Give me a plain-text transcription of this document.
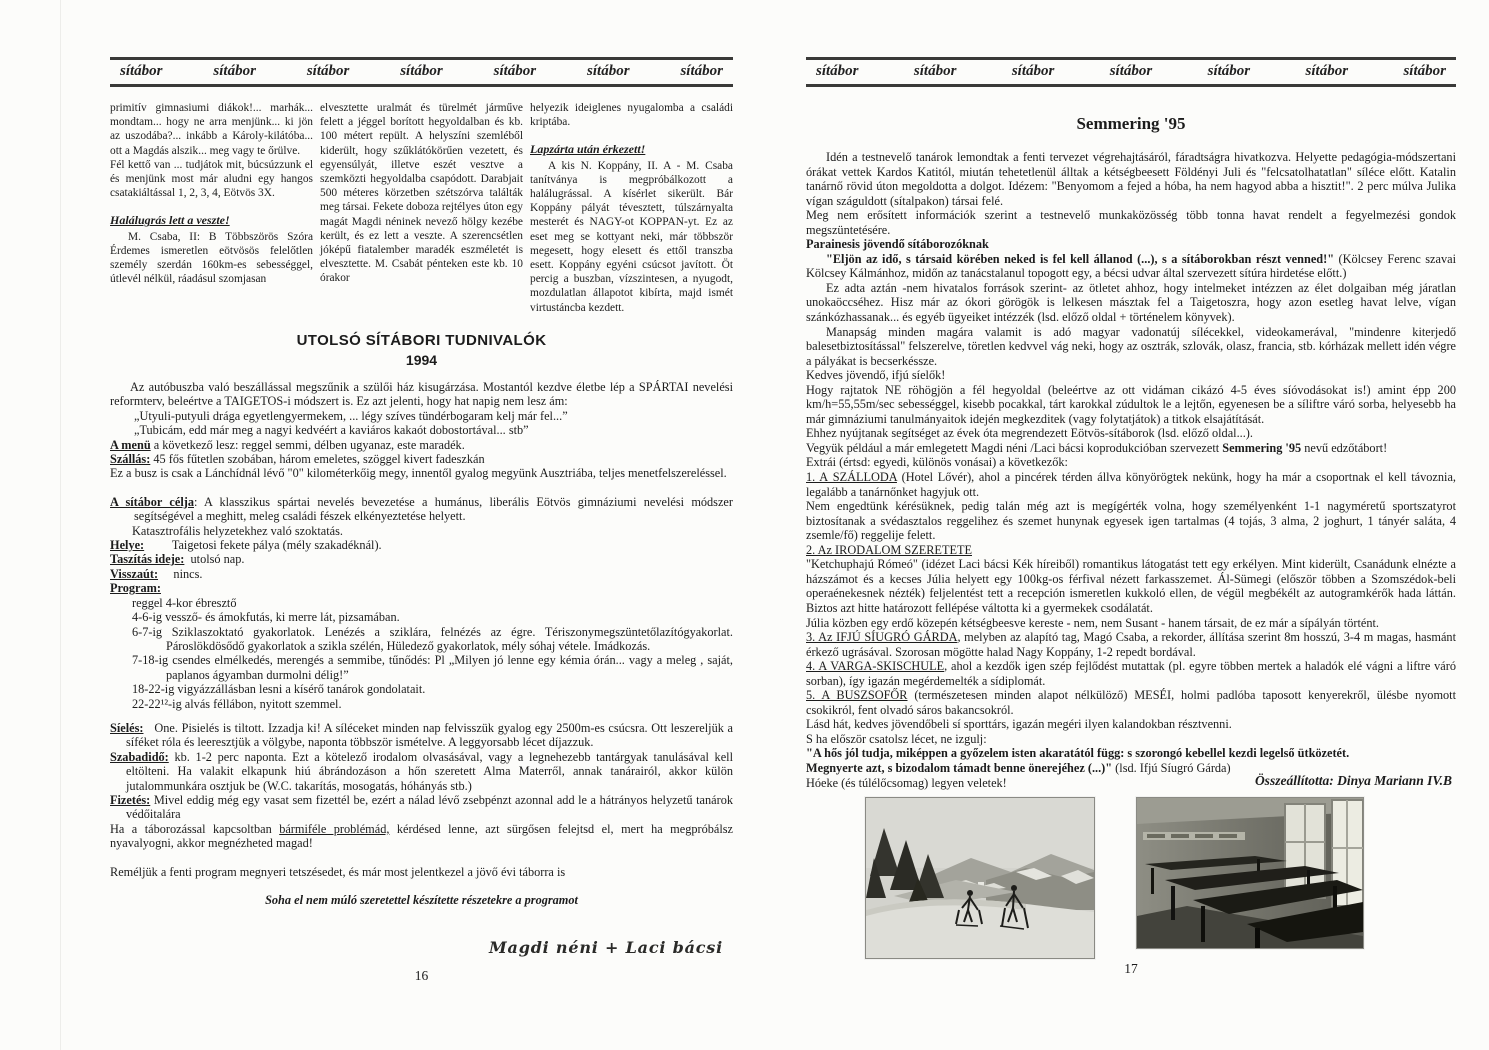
sítábor	sítábor	sítábor	sítábor	sítábor	sítábor	sítábor

primitív gimnasiumi diákok!... marhák... mondtam... hogy ne arra menjünk... ki jön az uszodába?... inkább a Károly-kilátóba... ott a Magdás alszik... meg vagy te őrülve.

Fél kettő van ... tudjátok mit, búcsúzzunk el és menjünk most már aludni egy hangos csatakiáltással 1, 2, 3, 4, Eötvös 3X.

Halálugrás lett a veszte!

M. Csaba, II: B Többszörös Szóra Érdemes ismeretlen eötvösös felelőtlen személy szerdán 160km-es sebességgel, útlevél nélkül, ráadásul szomjasan

elvesztette uralmát és türelmét járműve felett a jéggel borított hegyoldalban és kb. 100 métert repült. A helyszíni szemléből kiderült, hogy szűklátókörűen vezetett, és egyensúlyát, illetve eszét vesztve a szemközti hegyoldalba csapódott. Darabjait 500 méteres körzetben szétszórva találták meg társai. Fekete doboza rejtélyes úton egy magát Magdi néninek nevező hölgy kezébe került, és ez lett a veszte. A szerencsétlen jóképű fiatalember maradék eszméletét is elvesztette. M. Csabát pénteken este kb. 10 órakor

helyezik ideiglenes nyugalomba a családi kriptába.

Lapzárta után érkezett!

A kis N. Koppány, II. A - M. Csaba tanítványa is megpróbálkozott a halálugrással. A kísérlet sikerült. Bár Koppány pályát tévesztett, túlszárnyalta mesterét és NAGY-ot KOPPAN-yt. Ez az eset meg se kottyant neki, már többször megesett, hogy elesett és ettől transzba esett. Koppány egyéni csúcsot javított. Öt percig a buszban, vízszintesen, a nyugodt, mozdulatlan állapotot kibírta, majd ismét virtustáncba kezdett.

UTOLSÓ SÍTÁBORI TUDNIVALÓK
1994

Az autóbuszba való beszállással megszűnik a szülői ház kisugárzása. Mostantól kezdve életbe lép a SPÁRTAI nevelési reformterv, beleértve a TAIGETOS-i módszert is. Ez azt jelenti, hogy hat napig nem lesz ám:

„Utyuli-putyuli drága egyetlengyermekem, ... légy szíves tündérbogaram kelj már fel...”

„Tubicám, edd már meg a nagyi kedvéért a kaviáros kakaót dobostortával... stb”

A menü a következő lesz: reggel semmi, délben ugyanaz, este maradék.

Szállás: 45 fős fűtetlen szobában, három emeletes, szöggel kivert fadeszkán

Ez a busz is csak a Lánchídnál lévő "0" kilométerkőig megy, innentől gyalog megyünk Ausztriába, teljes menetfelszereléssel.

A sítábor célja: A klasszikus spártai nevelés bevezetése a humánus, liberális Eötvös gimnáziumi nevelési módszer segítségével a meghitt, meleg családi fészek elkényeztetése helyett.

Katasztrofális helyzetekhez való szoktatás.

Helye:         Taigetosi fekete pálya (mély szakadéknál).

Taszítás ideje:  utolsó nap.

Visszaút:     nincs.

Program:

reggel 4-kor ébresztő

4-6-ig vessző- és ámokfutás, ki merre lát, pizsamában.

6-7-ig Sziklaszoktató gyakorlatok. Lenézés a sziklára, felnézés az égre. Tériszonymegszüntetőlazítógyakorlat. Pároslökdösődő gyakorlatok a szikla szélén, Hüledező gyakorlatok, mély sóhaj vétele. Imádkozás.

7-18-ig csendes elmélkedés, merengés a semmibe, tűnődés: Pl „Milyen jó lenne egy kémia órán... vagy a meleg , saját, paplanos ágyamban durmolni délig!”

18-22-ig vigyázzállásban lesni a kísérő tanárok gondolatait.

22-22¹²-ig alvás féllábon, nyitott szemmel.

Síelés:   One. Pisielés is tiltott. Izzadja ki! A síléceket minden nap felvisszük gyalog egy 2500m-es csúcsra. Ott leszereljük a síféket róla és leeresztjük a völgybe, naponta többször ismételve. A leggyorsabb lécet díjazzuk.

Szabadidő: kb. 1-2 perc naponta. Ezt a kötelező irodalom olvasásával, vagy a legnehezebb tantárgyak tanulásával kell eltölteni. Ha valakit elkapunk hiú ábrándozáson a hőn szeretett Alma Materről, annak tanárairól, akkor külön jutalommunkára osztjuk be (W.C. takarítás, mosogatás, hóhányás stb.)

Fizetés: Mivel eddig még egy vasat sem fizettél be, ezért a nálad lévő zsebpénzt azonnal add le a hátrányos helyzetű tanárok védőitalára

Ha a táborozással kapcsoltban bármiféle problémád, kérdésed lenne, azt sürgősen felejtsd el, mert ha megpróbálsz nyavalyogni, akkor megnézheted magad!

Reméljük a fenti program megnyeri tetszésedet, és már most jelentkezel a jövő évi táborra is

Soha el nem múló szeretettel készítette részetekre a programot

Magdi néni + Laci bácsi
16
sítábor	sítábor	sítábor	sítábor	sítábor	sítábor	sítábor
Semmering '95

Idén a testnevelő tanárok lemondtak a fenti tervezet végrehajtásáról, fáradtságra hivatkozva. Helyette pedagógia-módszertani órákat vettek Kardos Katitól, miután tehetetlenül álltak a kétségbeesett Földényi Juli és "felcsatolhatatlan" síléce előtt. Katalin tanárnő rövid úton megoldotta a dolgot. Idézem: "Benyomom a fejed a hóba, ha nem hagyod abba a hisztit!". 2 perc múlva Julika vígan száguldott (sítalpakon) társai felé.

Meg nem erősített információk szerint a testnevelő munkaközösség több tonna havat rendelt a fegyelmezési gondok megszüntetésére.

Parainesis jövendő sítáborozóknak

"Eljön az idő, s társaid körében neked is fel kell állanod (...), s a sítáborokban részt venned!" (Kölcsey Ferenc szavai Kölcsey Kálmánhoz, midőn az tanácstalanul topogott egy, a bécsi udvar által szervezett sítúra hirdetése előtt.)

Ez adta aztán -nem hivatalos források szerint- az ötletet ahhoz, hogy intelmeket intézzen az élet dolgaiban még járatlan unokaöccséhez. Hisz már az ókori görögök is lelkesen másztak fel a Taigetoszra, hogy azon esetleg havat lelve, vígan szánkózhassanak... és egyéb ügyeiket intézzék (lsd. előző oldal + történelem könyvek).

Manapság minden magára valamit is adó magyar vadonatúj sílécekkel, videokamerával, "mindenre kiterjedő balesetbiztosítással" felszerelve, töretlen kedvvel vág neki, hogy az osztrák, szlovák, olasz, francia, stb. kórházak mellett idén végre a pályákat is becserkéssze.

Kedves jövendő, ifjú síelők!

Hogy rajtatok NE röhögjön a fél hegyoldal (beleértve az ott vidáman cikázó 4-5 éves síóvodásokat is!) amint épp 200 km/h=55,55m/sec sebességgel, kisebb pocakkal, tárt karokkal zúdultok le a lejtőn, egyenesen be a síliftre váró sorba, helyesebb ha már gimnáziumi tanulmányaitok idején megkezditek (vagy folytatjátok) a titkok elsajátítását.

Ehhez nyújtanak segítséget az évek óta megrendezett Eötvös-sítáborok (lsd. előző oldal...).

Vegyük például a már emlegetett Magdi néni /Laci bácsi koprodukcióban szervezett Semmering '95 nevű edzőtábort!

Extrái (értsd: egyedi, különös vonásai) a következők:

1. A SZÁLLODA (Hotel Lővér), ahol a pincérek térden állva könyörögtek nekünk, hogy ha már a csoportnak el kell távoznia, legalább a tanárnőnket hagyjuk ott.

Nem engedtünk kérésüknek, pedig talán még azt is megígérték volna, hogy személyenként 1-1 nagyméretű sportszatyrot biztosítanak a svédasztalos reggelihez és szemet hunynak egyesek igen tartalmas (4 tojás, 3 alma, 2 joghurt, 1 tányér saláta, 4 zsemle/fő) reggelije felett.

2. Az IRODALOM SZERETETE

"Ketchuphajú Rómeó" (idézet Laci bácsi Kék híreiből) romantikus látogatást tett egy erkélyen. Mint kiderült, Csanádunk elnézte a házszámot és a kecses Júlia helyett egy 100kg-os férfival nézett farkasszemet. Ál-Sümegi (először többen a Szomszédok-beli operaénekesnek nézték) feljelentést tett a recepción ismeretlen kukkoló ellen, de végül megbékélt az autogramkérők hada láttán. Biztos azt hitte határozott fellépése váltotta ki a gyermekek csodálatát.

Júlia közben egy erdő közepén kétségbeesve kereste - nem, nem Susant - hanem társait, de ez már a sípályán történt.

3. Az IFJÚ SÍUGRÓ GÁRDA, melyben az alapító tag, Magó Csaba, a rekorder, állítása szerint 8m hosszú, 3-4 m magas, hasmánt érkező ugrásával. Szorosan mögötte halad Nagy Koppány, 1-2 repedt bordával.

4. A VARGA-SKISCHULE, ahol a kezdők igen szép fejlődést mutattak (pl. egyre többen mertek a haladók elé vágni a liftre váró sorban), így igazán megérdemelték a sídiplomát.

5. A BUSZSOFŐR (természetesen minden alapot nélkülöző) MESÉI, holmi padlóba taposott kenyerekről, ülésbe nyomott csokikról, fent olvadó sáros bakancsokról.

Lásd hát, kedves jövendőbeli sí sporttárs, igazán megéri ilyen kalandokban résztvenni.

S ha először csatolsz lécet, ne izgulj:

"A hős jól tudja, miképpen a győzelem isten akaratától függ: s szorongó kebellel kezdi legelső ütközetét.

Megnyerte azt, s bizodalom támadt benne önerejéhez (...)" (lsd. Ifjú Síugró Gárda)

Hóeke (és túlélőcsomag) legyen veletek!	Összeállította: Dinya Mariann IV.B
17
